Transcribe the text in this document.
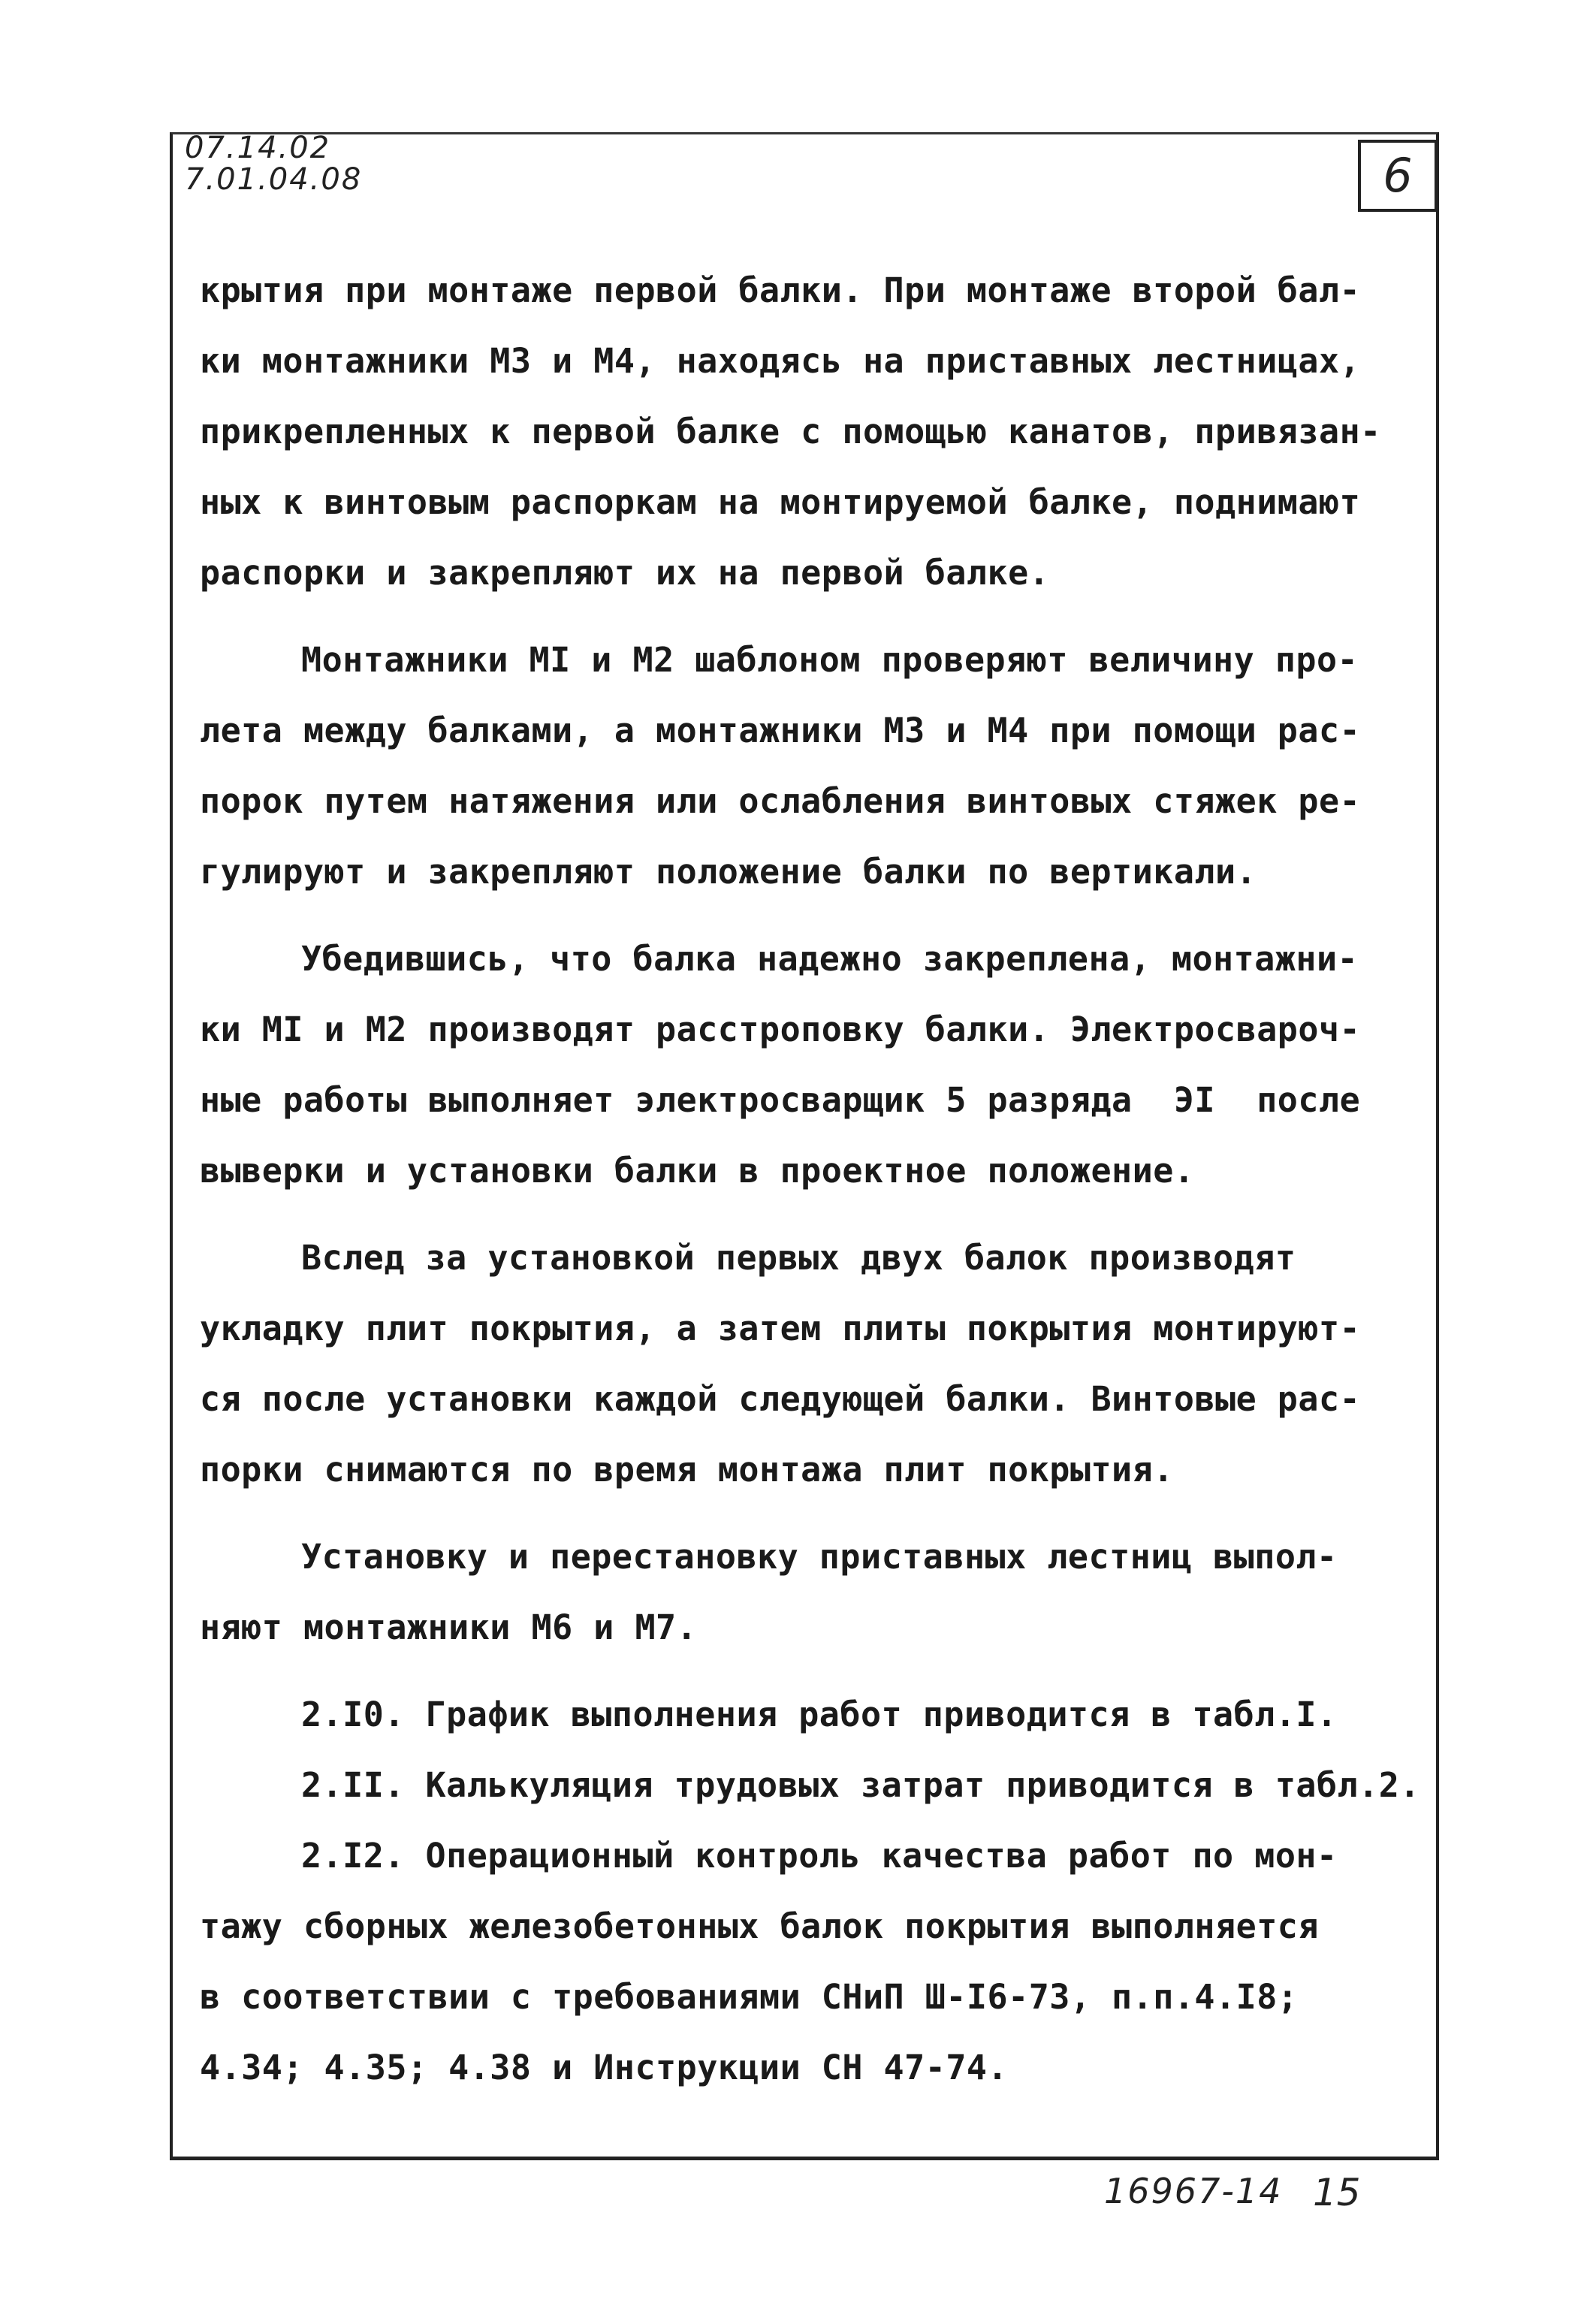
07.14.02
7.01.04.08	6
крытия при монтаже первой балки. При монтаже второй бал-
ки монтажники М3 и М4, находясь на приставных лестницах,
прикрепленных к первой балке с помощью канатов, привязан-
ных к винтовым распоркам на монтируемой балке, поднимают
распорки и закрепляют их на первой балке.
Монтажники МI и М2 шаблоном проверяют величину про-
лета между балками, а монтажники М3 и М4 при помощи рас-
порок путем натяжения или ослабления винтовых стяжек ре-
гулируют и закрепляют положение балки по вертикали.
Убедившись, что балка надежно закреплена, монтажни-
ки МI и М2 производят расстроповку балки. Электросвароч-
ные работы выполняет электросварщик 5 разряда  ЭI  после
выверки и установки балки в проектное положение.
Вслед за установкой первых двух балок производят
укладку плит покрытия, а затем плиты покрытия монтируют-
ся после установки каждой следующей балки. Винтовые рас-
порки снимаются по время монтажа плит покрытия.
Установку и перестановку приставных лестниц выпол-
няют монтажники М6 и М7.
2.I0. График выполнения работ приводится в табл.I.
2.II. Калькуляция трудовых затрат приводится в табл.2.
2.I2. Операционный контроль качества работ по мон-
тажу сборных железобетонных балок покрытия выполняется
в соответствии с требованиями СНиП Ш-I6-73, п.п.4.I8;
4.34; 4.35; 4.38 и Инструкции СН 47-74.
16967-14 15
